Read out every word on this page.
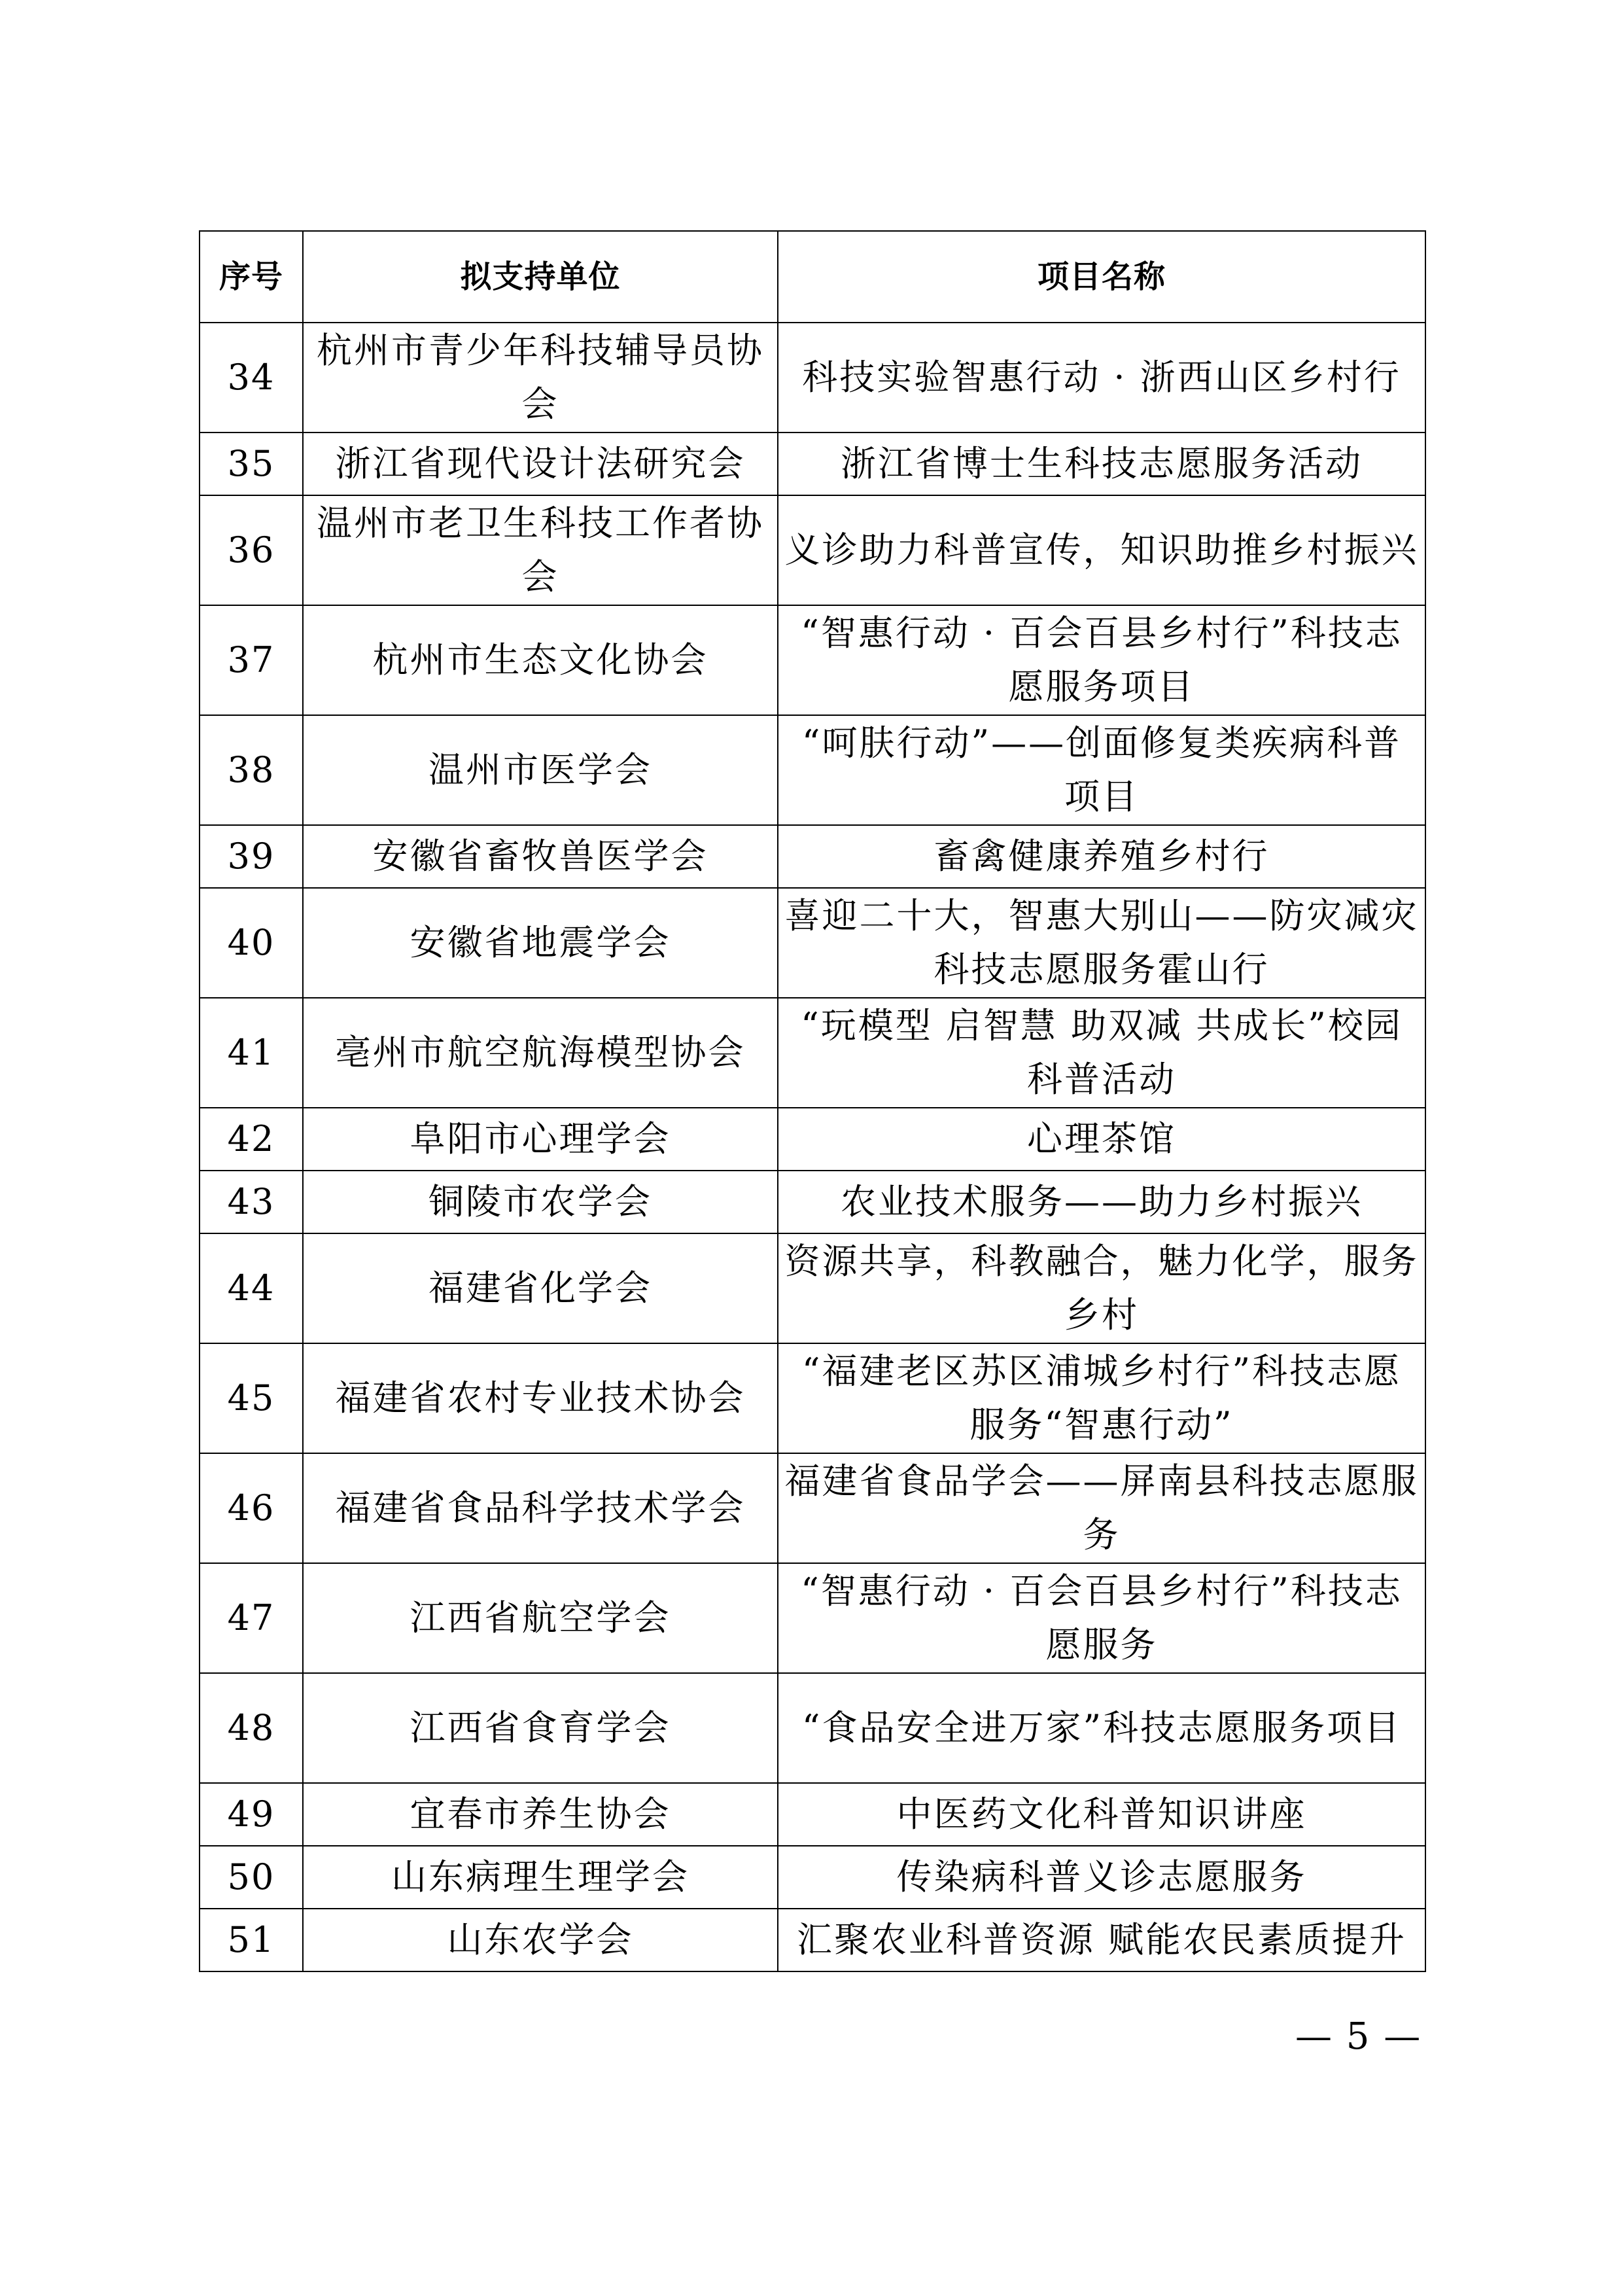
序号	拟支持单位	项目名称
34	杭州市青少年科技辅导员协会	科技实验智惠行动 · 浙西山区乡村行
35	浙江省现代设计法研究会	浙江省博士生科技志愿服务活动
36	温州市老卫生科技工作者协会	义诊助力科普宣传，知识助推乡村振兴
37	杭州市生态文化协会	“智惠行动 · 百会百县乡村行”科技志愿服务项目
38	温州市医学会	“呵肤行动”——创面修复类疾病科普项目
39	安徽省畜牧兽医学会	畜禽健康养殖乡村行
40	安徽省地震学会	喜迎二十大，智惠大别山——防灾减灾科技志愿服务霍山行
41	亳州市航空航海模型协会	“玩模型 启智慧 助双减 共成长”校园科普活动
42	阜阳市心理学会	心理茶馆
43	铜陵市农学会	农业技术服务——助力乡村振兴
44	福建省化学会	资源共享，科教融合，魅力化学，服务乡村
45	福建省农村专业技术协会	“福建老区苏区浦城乡村行”科技志愿服务“智惠行动”
46	福建省食品科学技术学会	福建省食品学会——屏南县科技志愿服务
47	江西省航空学会	“智惠行动 · 百会百县乡村行”科技志愿服务
48	江西省食育学会	“食品安全进万家”科技志愿服务项目
49	宜春市养生协会	中医药文化科普知识讲座
50	山东病理生理学会	传染病科普义诊志愿服务
51	山东农学会	汇聚农业科普资源 赋能农民素质提升
— 5 —
